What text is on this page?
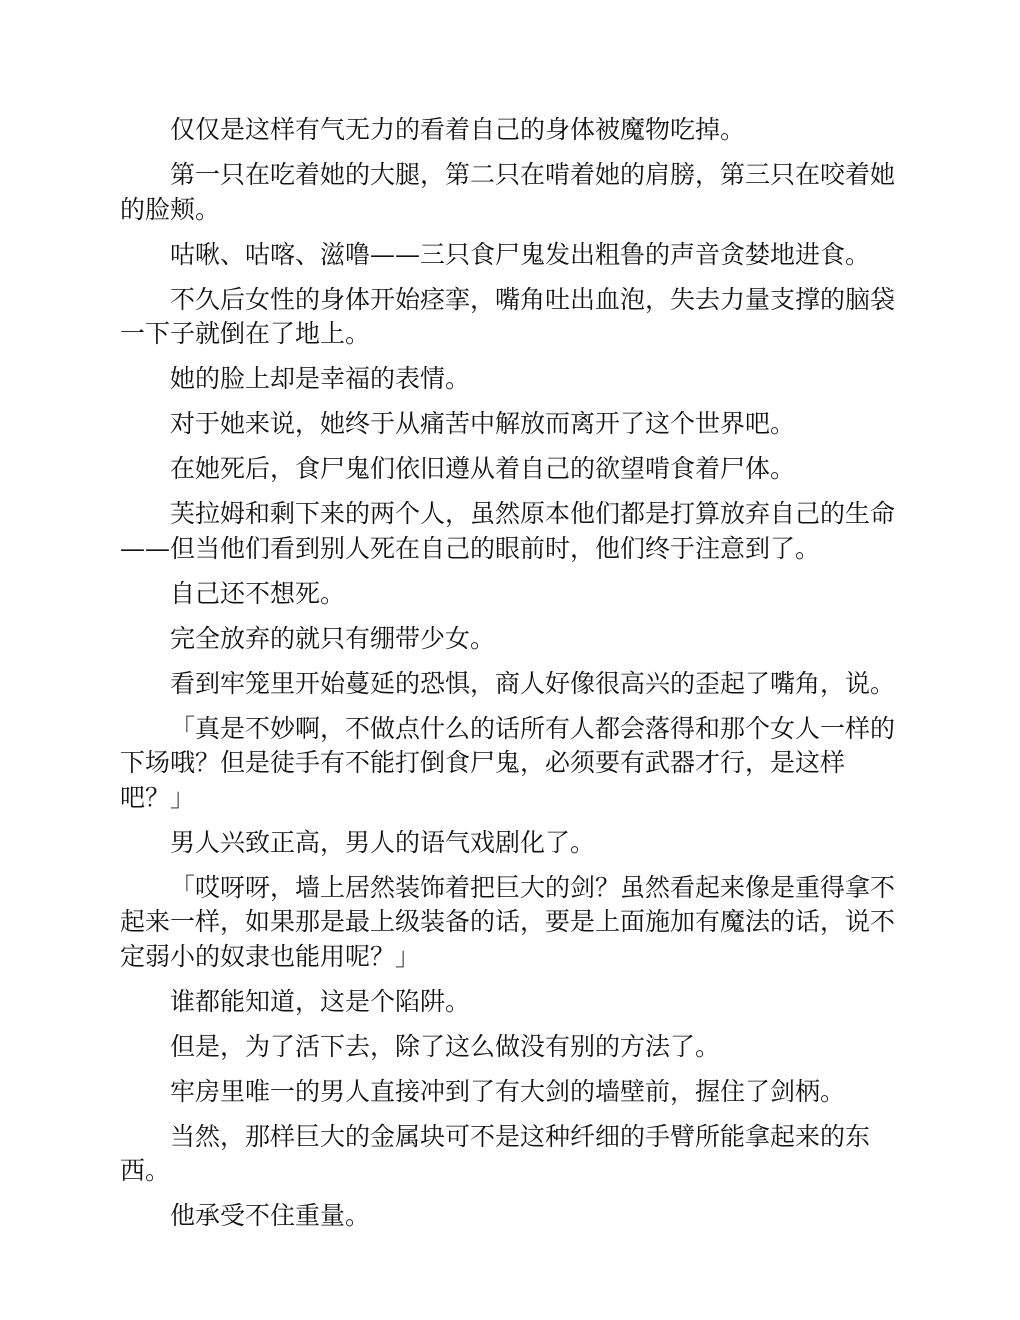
仅仅是这样有气无力的看着自己的身体被魔物吃掉。

第一只在吃着她的大腿，第二只在啃着她的肩膀，第三只在咬着她的脸颊。

咕啾、咕喀、滋噜——三只食尸鬼发出粗鲁的声音贪婪地进食。

不久后女性的身体开始痉挛，嘴角吐出血泡，失去力量支撑的脑袋一下子就倒在了地上。

她的脸上却是幸福的表情。

对于她来说，她终于从痛苦中解放而离开了这个世界吧。

在她死后，食尸鬼们依旧遵从着自己的欲望啃食着尸体。

芙拉姆和剩下来的两个人，虽然原本他们都是打算放弃自己的生命——但当他们看到别人死在自己的眼前时，他们终于注意到了。

自己还不想死。

完全放弃的就只有绷带少女。

看到牢笼里开始蔓延的恐惧，商人好像很高兴的歪起了嘴角，说。

「真是不妙啊，不做点什么的话所有人都会落得和那个女人一样的下场哦？但是徒手有不能打倒食尸鬼，必须要有武器才行，是这样吧？」

男人兴致正高，男人的语气戏剧化了。

「哎呀呀，墙上居然装饰着把巨大的剑？虽然看起来像是重得拿不起来一样，如果那是最上级装备的话，要是上面施加有魔法的话，说不定弱小的奴隶也能用呢？」

谁都能知道，这是个陷阱。

但是，为了活下去，除了这么做没有别的方法了。

牢房里唯一的男人直接冲到了有大剑的墙壁前，握住了剑柄。

当然，那样巨大的金属块可不是这种纤细的手臂所能拿起来的东西。

他承受不住重量。
